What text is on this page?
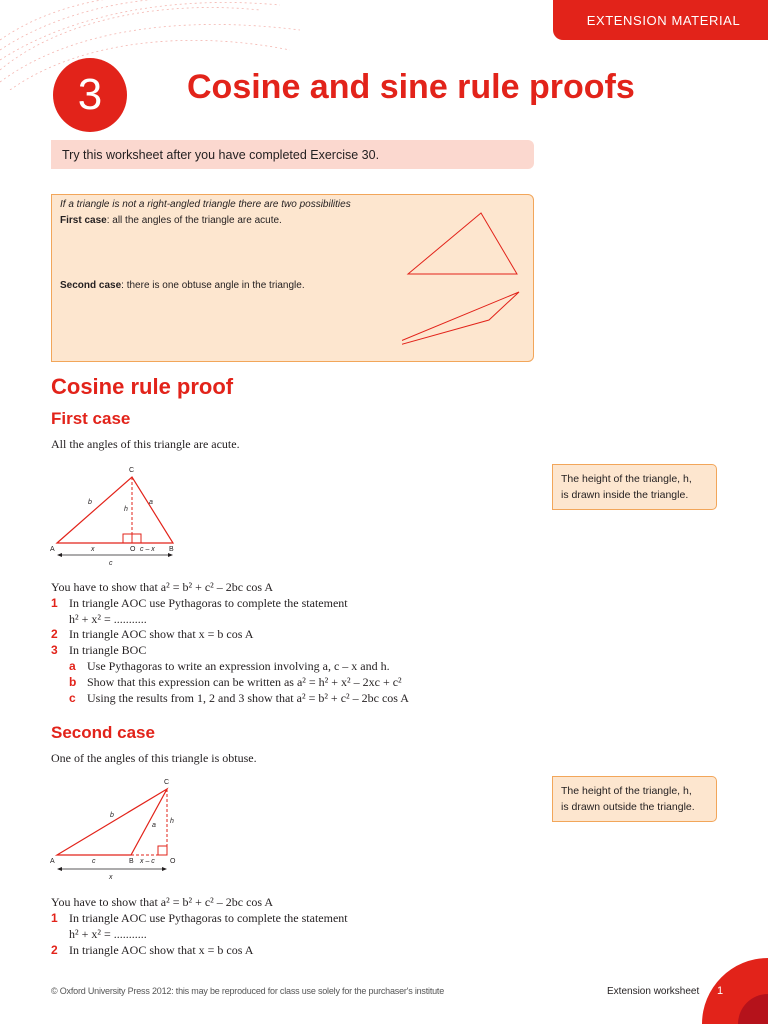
EXTENSION MATERIAL
3	Cosine and sine rule proofs
Try this worksheet after you have completed Exercise 30.
If a triangle is not a right-angled triangle there are two possibilities
First case: all the angles of the triangle are acute.
Second case: there is one obtuse angle in the triangle.
Cosine rule proof
First case
All the angles of this triangle are acute.
The height of the triangle, h,
is drawn inside the triangle.
C
A	B
O
b	a
h
x	c – x
c
You have to show that a² = b² + c² – 2bc cos A
1 In triangle AOC use Pythagoras to complete the statement
h² + x² = ...........
2 In triangle AOC show that x = b cos A
3 In triangle BOC
a Use Pythagoras to write an expression involving a, c – x and h.
b Show that this expression can be written as a² = h² + x² – 2xc + c²
c Using the results from 1, 2 and 3 show that a² = b² + c² – 2bc cos A
Second case
One of the angles of this triangle is obtuse.
The height of the triangle, h,
is drawn outside the triangle.
C
A	B	O
b
a
h
c	x – c
x
You have to show that a² = b² + c² – 2bc cos A
1 In triangle AOC use Pythagoras to complete the statement
h² + x² = ...........
2 In triangle AOC show that x = b cos A
© Oxford University Press 2012: this may be reproduced for class use solely for the purchaser's institute	Extension worksheet 1
